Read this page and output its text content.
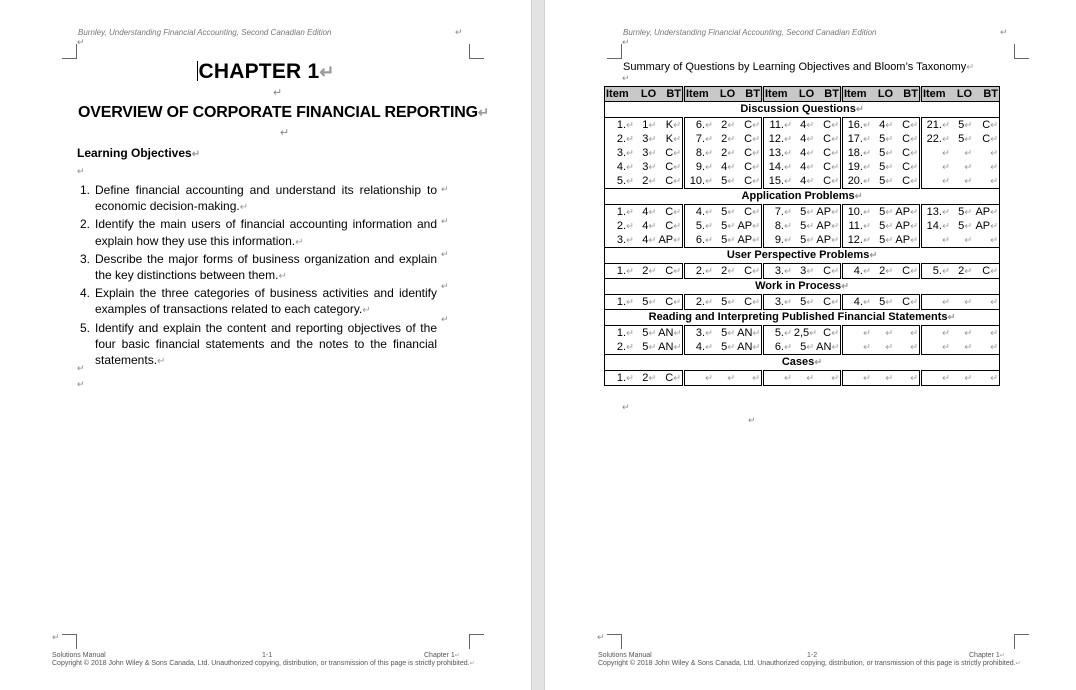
Burnley, Understanding Financial Accounting, Second Canadian Edition	↵
↵
CHAPTER 1↵
↵
OVERVIEW OF CORPORATE FINANCIAL REPORTING↵
↵
Learning Objectives↵
↵
1. Define financial accounting and understand its relationship to economic decision-making.↵
2. Identify the main users of financial accounting information and explain how they use this information.↵
3. Describe the major forms of business organization and explain the key distinctions between them.↵
4. Explain the three categories of business activities and identify examples of transactions related to each category.↵
5. Identify and explain the content and reporting objectives of the four basic financial statements and the notes to the financial statements.↵
↵
↵
↵
↵
↵
↵
↵
↵
Solutions Manual	1-1	Chapter 1↵
Copyright © 2018 John Wiley & Sons Canada, Ltd. Unauthorized copying, distribution, or transmission of this page is strictly prohibited.↵
Burnley, Understanding Financial Accounting, Second Canadian Edition	↵
↵
↵
↵
↵
↵
Solutions Manual	1-2	Chapter 1↵
Copyright © 2018 John Wiley & Sons Canada, Ltd. Unauthorized copying, distribution, or transmission of this page is strictly prohibited.↵
Summary of Questions by Learning Objectives and Bloom’s Taxonomy↵
Item	LO	BT	Item	LO	BT	Item	LO	BT	Item	LO	BT	Item	LO	BT
Discussion Questions↵														
1.↵	1↵	K↵	6.↵	2↵	C↵	11.↵	4↵	C↵	16.↵	4↵	C↵	21.↵	5↵	C↵
2.↵	3↵	K↵	7.↵	2↵	C↵	12.↵	4↵	C↵	17.↵	5↵	C↵	22.↵	5↵	C↵
3.↵	3↵	C↵	8.↵	2↵	C↵	13.↵	4↵	C↵	18.↵	5↵	C↵	↵	↵	↵
4.↵	3↵	C↵	9.↵	4↵	C↵	14.↵	4↵	C↵	19.↵	5↵	C↵	↵	↵	↵
5.↵	2↵	C↵	10.↵	5↵	C↵	15.↵	4↵	C↵	20.↵	5↵	C↵	↵	↵	↵
Application Problems↵														
1.↵	4↵	C↵	4.↵	5↵	C↵	7.↵	5↵	AP↵	10.↵	5↵	AP↵	13.↵	5↵	AP↵
2.↵	4↵	C↵	5.↵	5↵	AP↵	8.↵	5↵	AP↵	11.↵	5↵	AP↵	14.↵	5↵	AP↵
3.↵	4↵	AP↵	6.↵	5↵	AP↵	9.↵	5↵	AP↵	12.↵	5↵	AP↵	↵	↵	↵
User Perspective Problems↵														
1.↵	2↵	C↵	2.↵	2↵	C↵	3.↵	3↵	C↵	4.↵	2↵	C↵	5.↵	2↵	C↵
Work in Process↵														
1.↵	5↵	C↵	2.↵	5↵	C↵	3.↵	5↵	C↵	4.↵	5↵	C↵	↵	↵	↵
Reading and Interpreting Published Financial Statements↵														
1.↵	5↵	AN↵	3.↵	5↵	AN↵	5.↵	2,5↵	C↵	↵	↵	↵	↵	↵	↵
2.↵	5↵	AN↵	4.↵	5↵	AN↵	6.↵	5↵	AN↵	↵	↵	↵	↵	↵	↵
Cases↵														
1.↵	2↵	C↵	↵	↵	↵	↵	↵	↵	↵	↵	↵	↵	↵	↵
